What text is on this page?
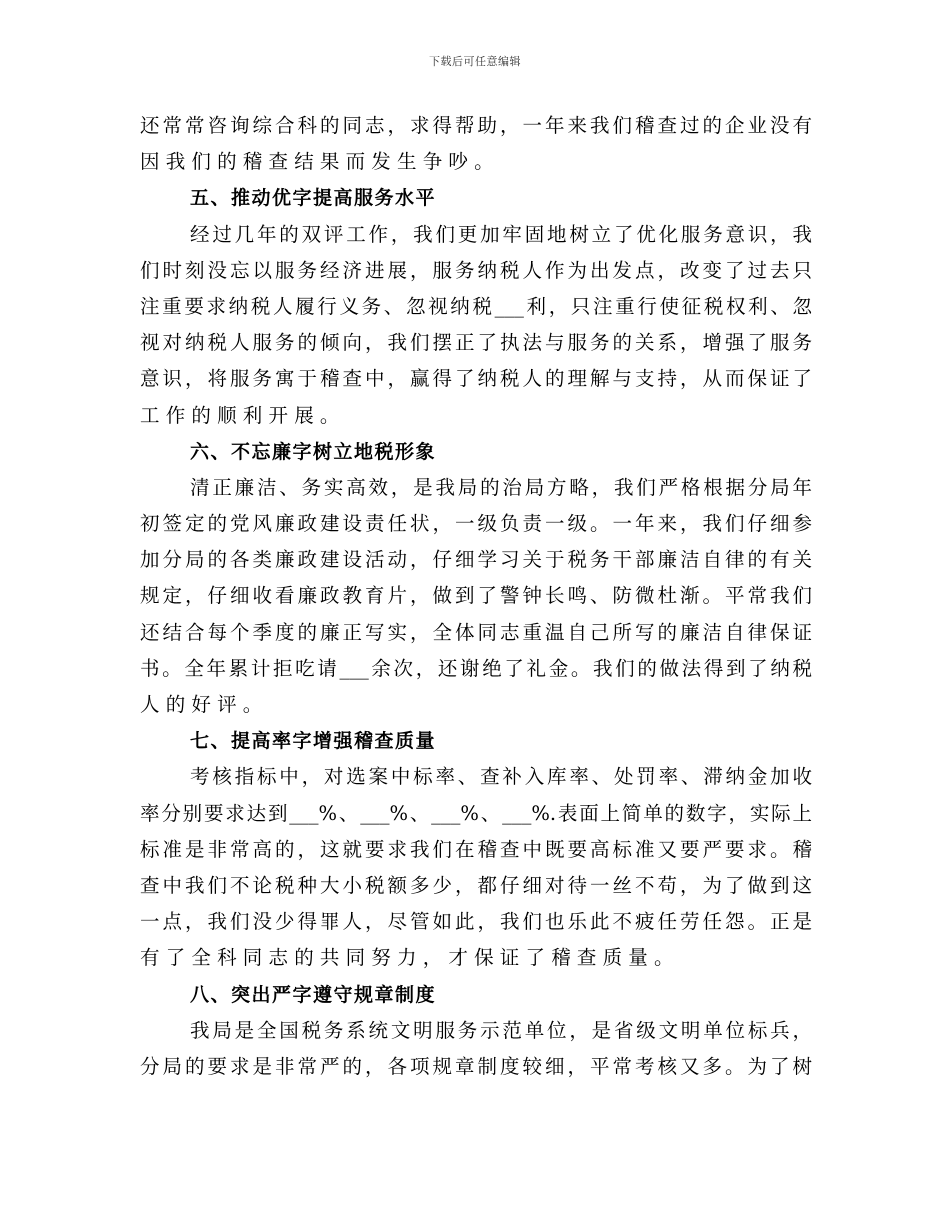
下载后可任意编辑
还常常咨询综合科的同志，求得帮助，一年来我们稽查过的企业没有
因我们的稽查结果而发生争吵。
五、推动优字提高服务水平
经过几年的双评工作，我们更加牢固地树立了优化服务意识，我
们时刻没忘以服务经济进展，服务纳税人作为出发点，改变了过去只
注重要求纳税人履行义务、忽视纳税___利，只注重行使征税权利、忽
视对纳税人服务的倾向，我们摆正了执法与服务的关系，增强了服务
意识，将服务寓于稽查中，赢得了纳税人的理解与支持，从而保证了
工作的顺利开展。
六、不忘廉字树立地税形象
清正廉洁、务实高效，是我局的治局方略，我们严格根据分局年
初签定的党风廉政建设责任状，一级负责一级。一年来，我们仔细参
加分局的各类廉政建设活动，仔细学习关于税务干部廉洁自律的有关
规定，仔细收看廉政教育片，做到了警钟长鸣、防微杜渐。平常我们
还结合每个季度的廉正写实，全体同志重温自己所写的廉洁自律保证
书。全年累计拒吃请___余次，还谢绝了礼金。我们的做法得到了纳税
人的好评。
七、提高率字增强稽查质量
考核指标中，对选案中标率、查补入库率、处罚率、滞纳金加收
率分别要求达到___%、___%、___%、___%.表面上简单的数字，实际上
标准是非常高的，这就要求我们在稽查中既要高标准又要严要求。稽
查中我们不论税种大小税额多少，都仔细对待一丝不苟，为了做到这
一点，我们没少得罪人，尽管如此，我们也乐此不疲任劳任怨。正是
有了全科同志的共同努力，才保证了稽查质量。
八、突出严字遵守规章制度
我局是全国税务系统文明服务示范单位，是省级文明单位标兵，
分局的要求是非常严的，各项规章制度较细，平常考核又多。为了树
